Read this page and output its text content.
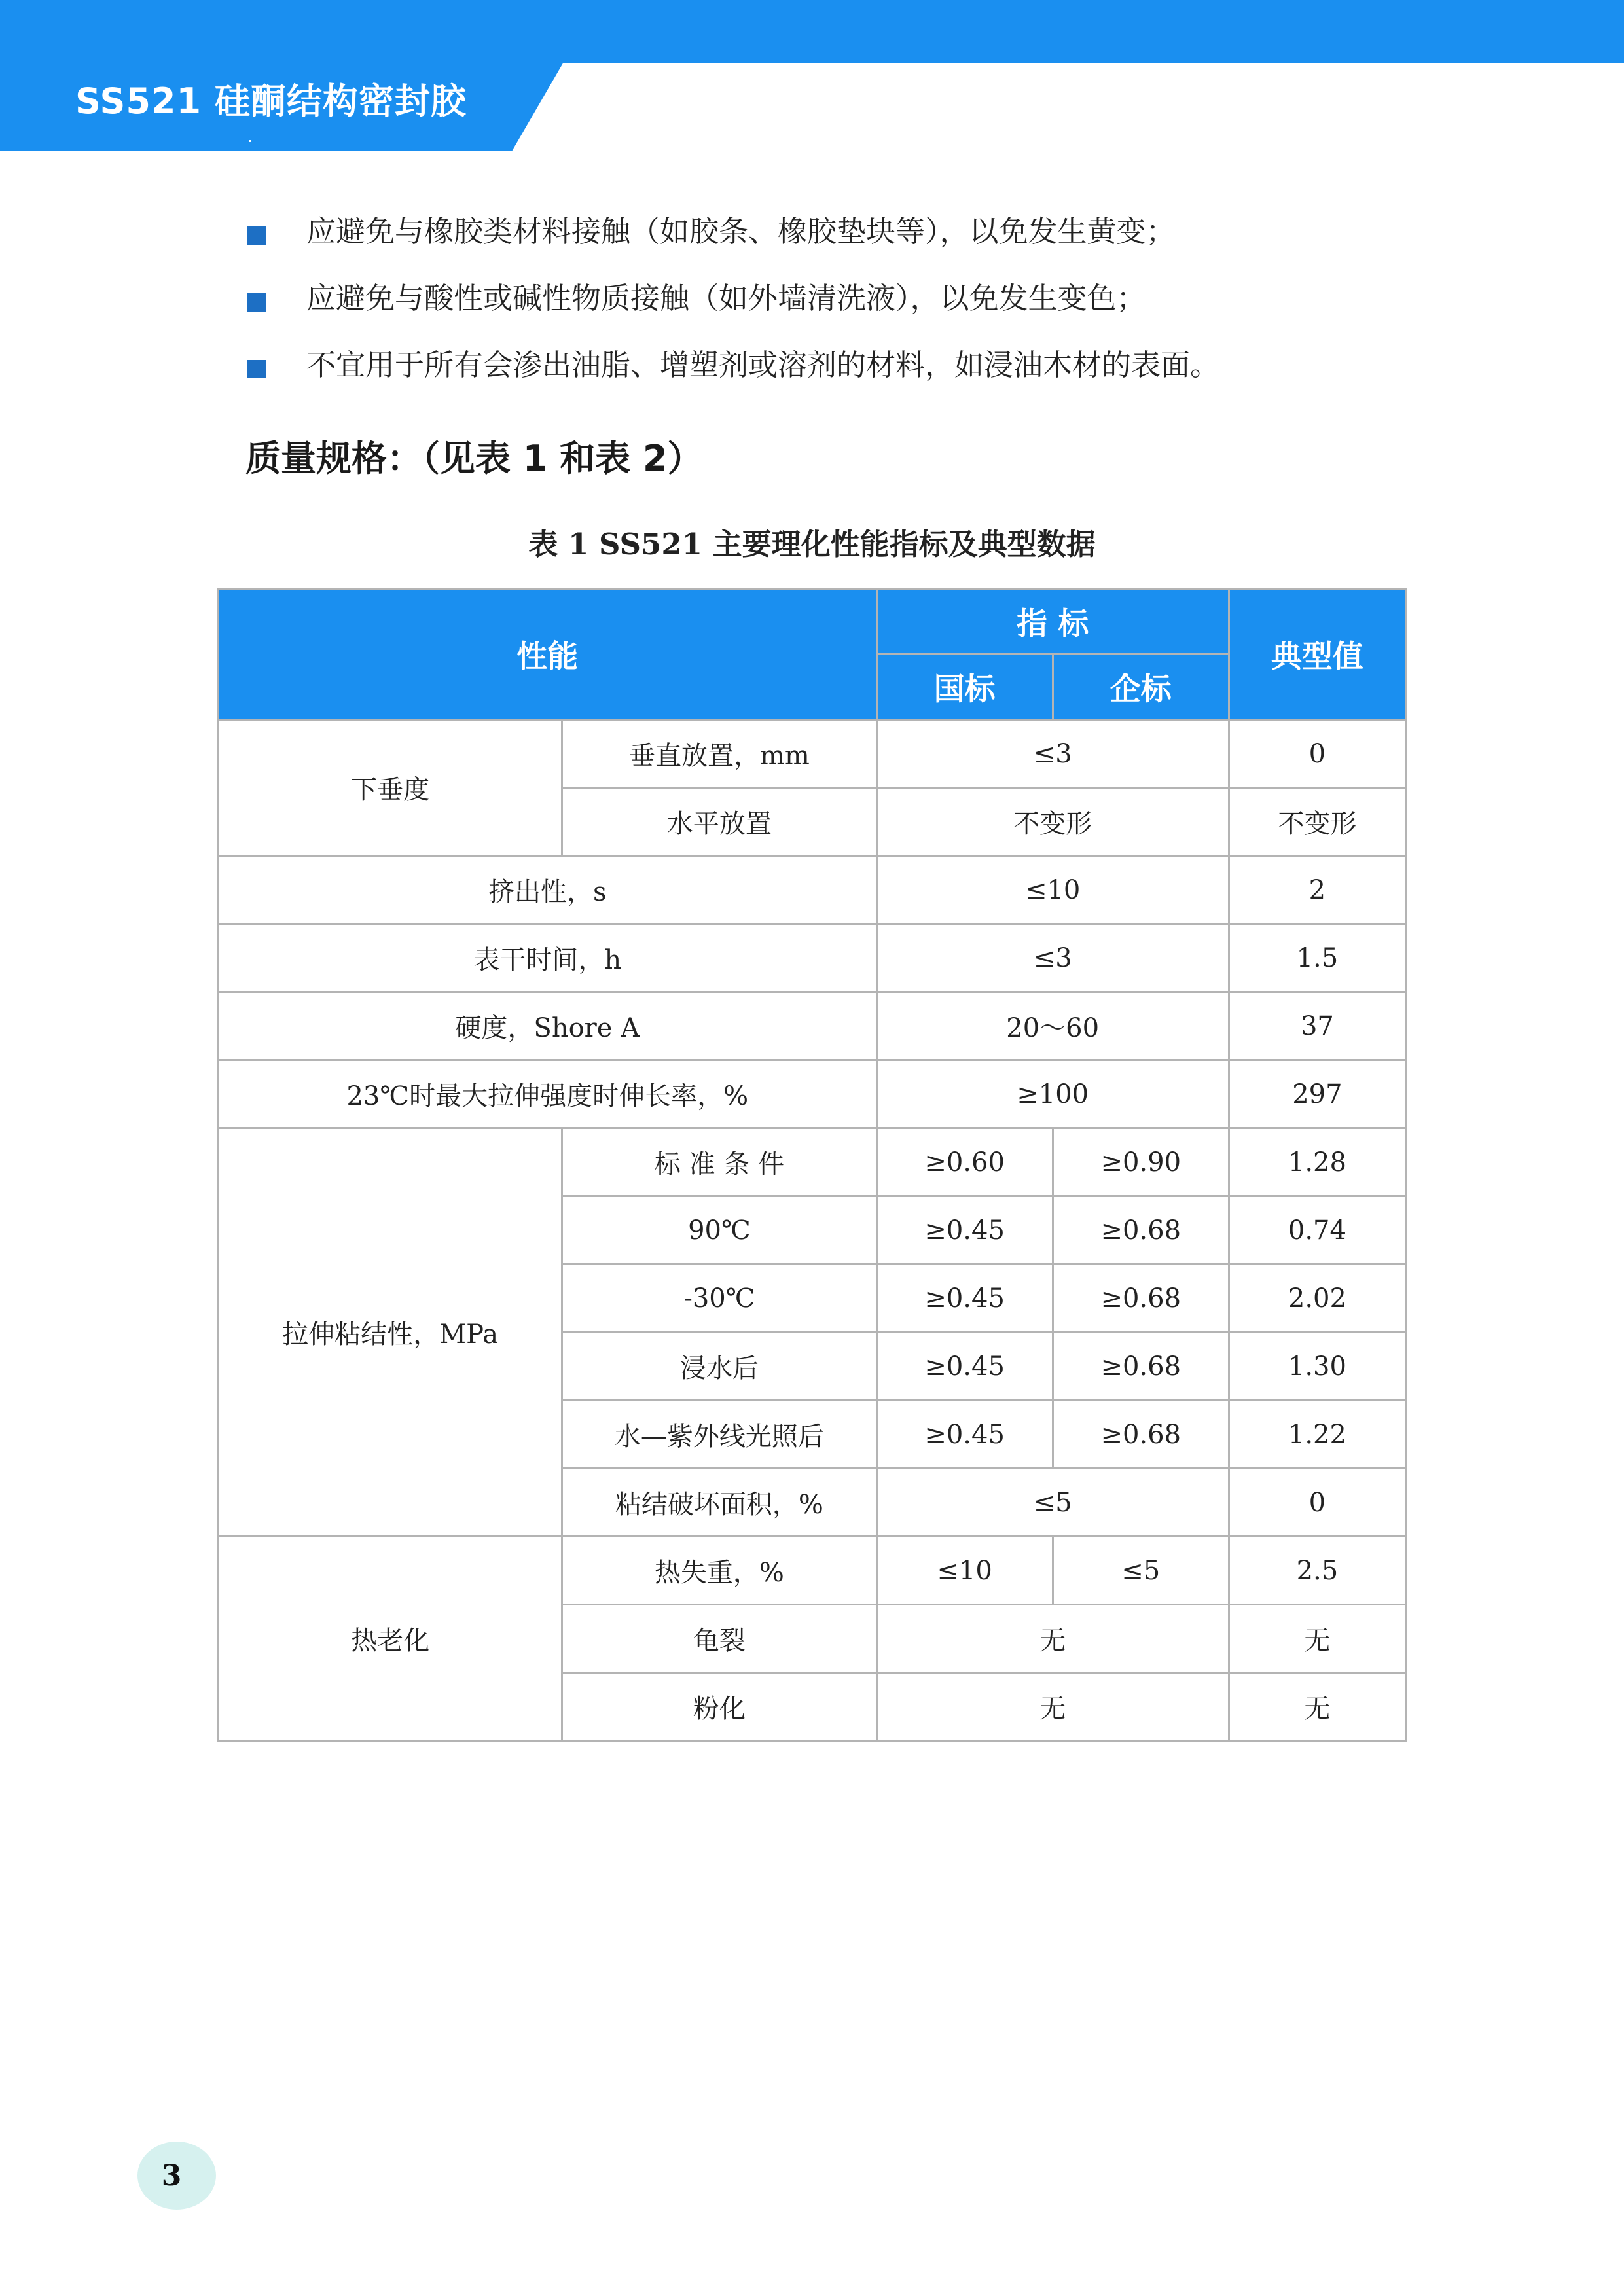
SS521 硅酮结构密封胶
应避免与橡胶类材料接触（如胶条、橡胶垫块等），以免发生黄变；
应避免与酸性或碱性物质接触（如外墙清洗液），以免发生变色；
不宜用于所有会渗出油脂、增塑剂或溶剂的材料，如浸油木材的表面。
质量规格：（见表 1 和表 2）
表 1 SS521 主要理化性能指标及典型数据
性能		指 标		典型值
		国标	企标	
下垂度	垂直放置，mm	≤3		0
	水平放置	不变形		不变形
挤出性，s		≤10		2
表干时间，h		≤3		1.5
硬度，Shore A		20～60		37
23℃时最大拉伸强度时伸长率，%		≥100		297
拉伸粘结性，MPa	标 准 条 件	≥0.60	≥0.90	1.28
	90℃	≥0.45	≥0.68	0.74
	-30℃	≥0.45	≥0.68	2.02
	浸水后	≥0.45	≥0.68	1.30
	水—紫外线光照后	≥0.45	≥0.68	1.22
	粘结破坏面积，%	≤5		0
热老化	热失重，%	≤10	≤5	2.5
	龟裂	无		无
	粉化	无		无
3
